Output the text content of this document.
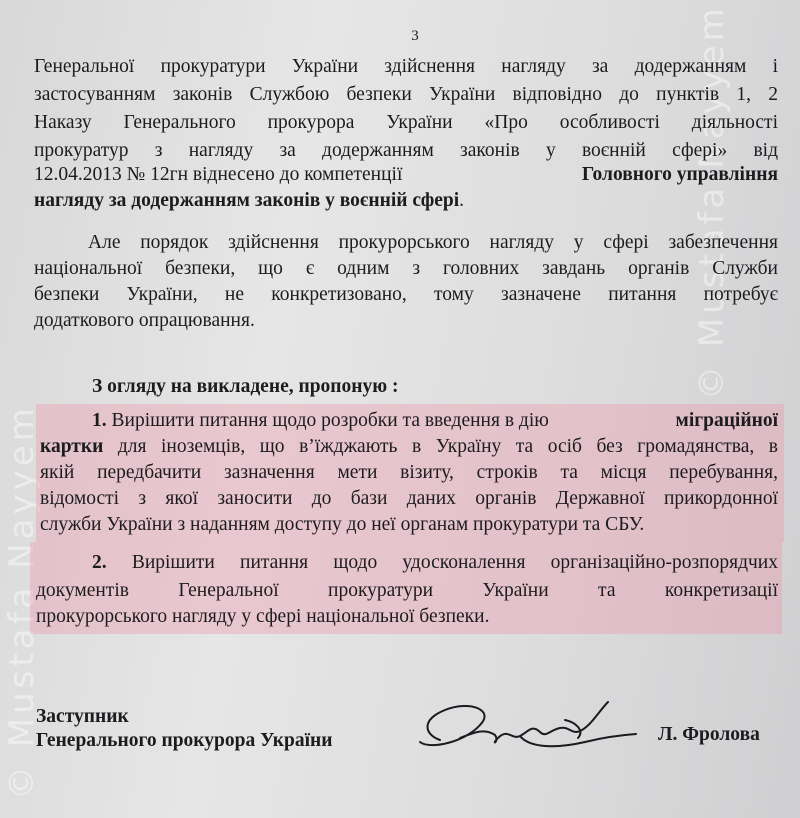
© Mustafa Nayyem
© Mustafa Nayyem
3
Генеральної прокуратури України здійснення нагляду за додержанням і
застосуванням законів Службою безпеки України відповідно до пунктів 1, 2
Наказу Генерального прокурора України «Про особливості діяльності
прокуратур з нагляду за додержанням законів у воєнній сфері» від
12.04.2013 № 12гн віднесено до компетенції	Головного управління
нагляду за додержанням законів у воєнній сфері.
Але порядок здійснення прокурорського нагляду у сфері забезпечення
національної безпеки, що є одним з головних завдань органів Служби
безпеки України, не конкретизовано, тому зазначене питання потребує
додаткового опрацювання.
З огляду на викладене, пропоную :
1. Вирішити питання щодо розробки та введення в дію	міграційної
картки для іноземців, що в’їжджають в Україну та осіб без громадянства, в
якій передбачити зазначення мети візиту, строків та місця перебування,
відомості з якої заносити до бази даних органів Державної прикордонної
служби України з наданням доступу до неї органам прокуратури та СБУ.
2. Вирішити питання щодо удосконалення організаційно-розпорядчих
документів Генеральної прокуратури України та конкретизації
прокурорського нагляду у сфері національної безпеки.
Заступник
Генерального прокурора України	Л. Фролова
